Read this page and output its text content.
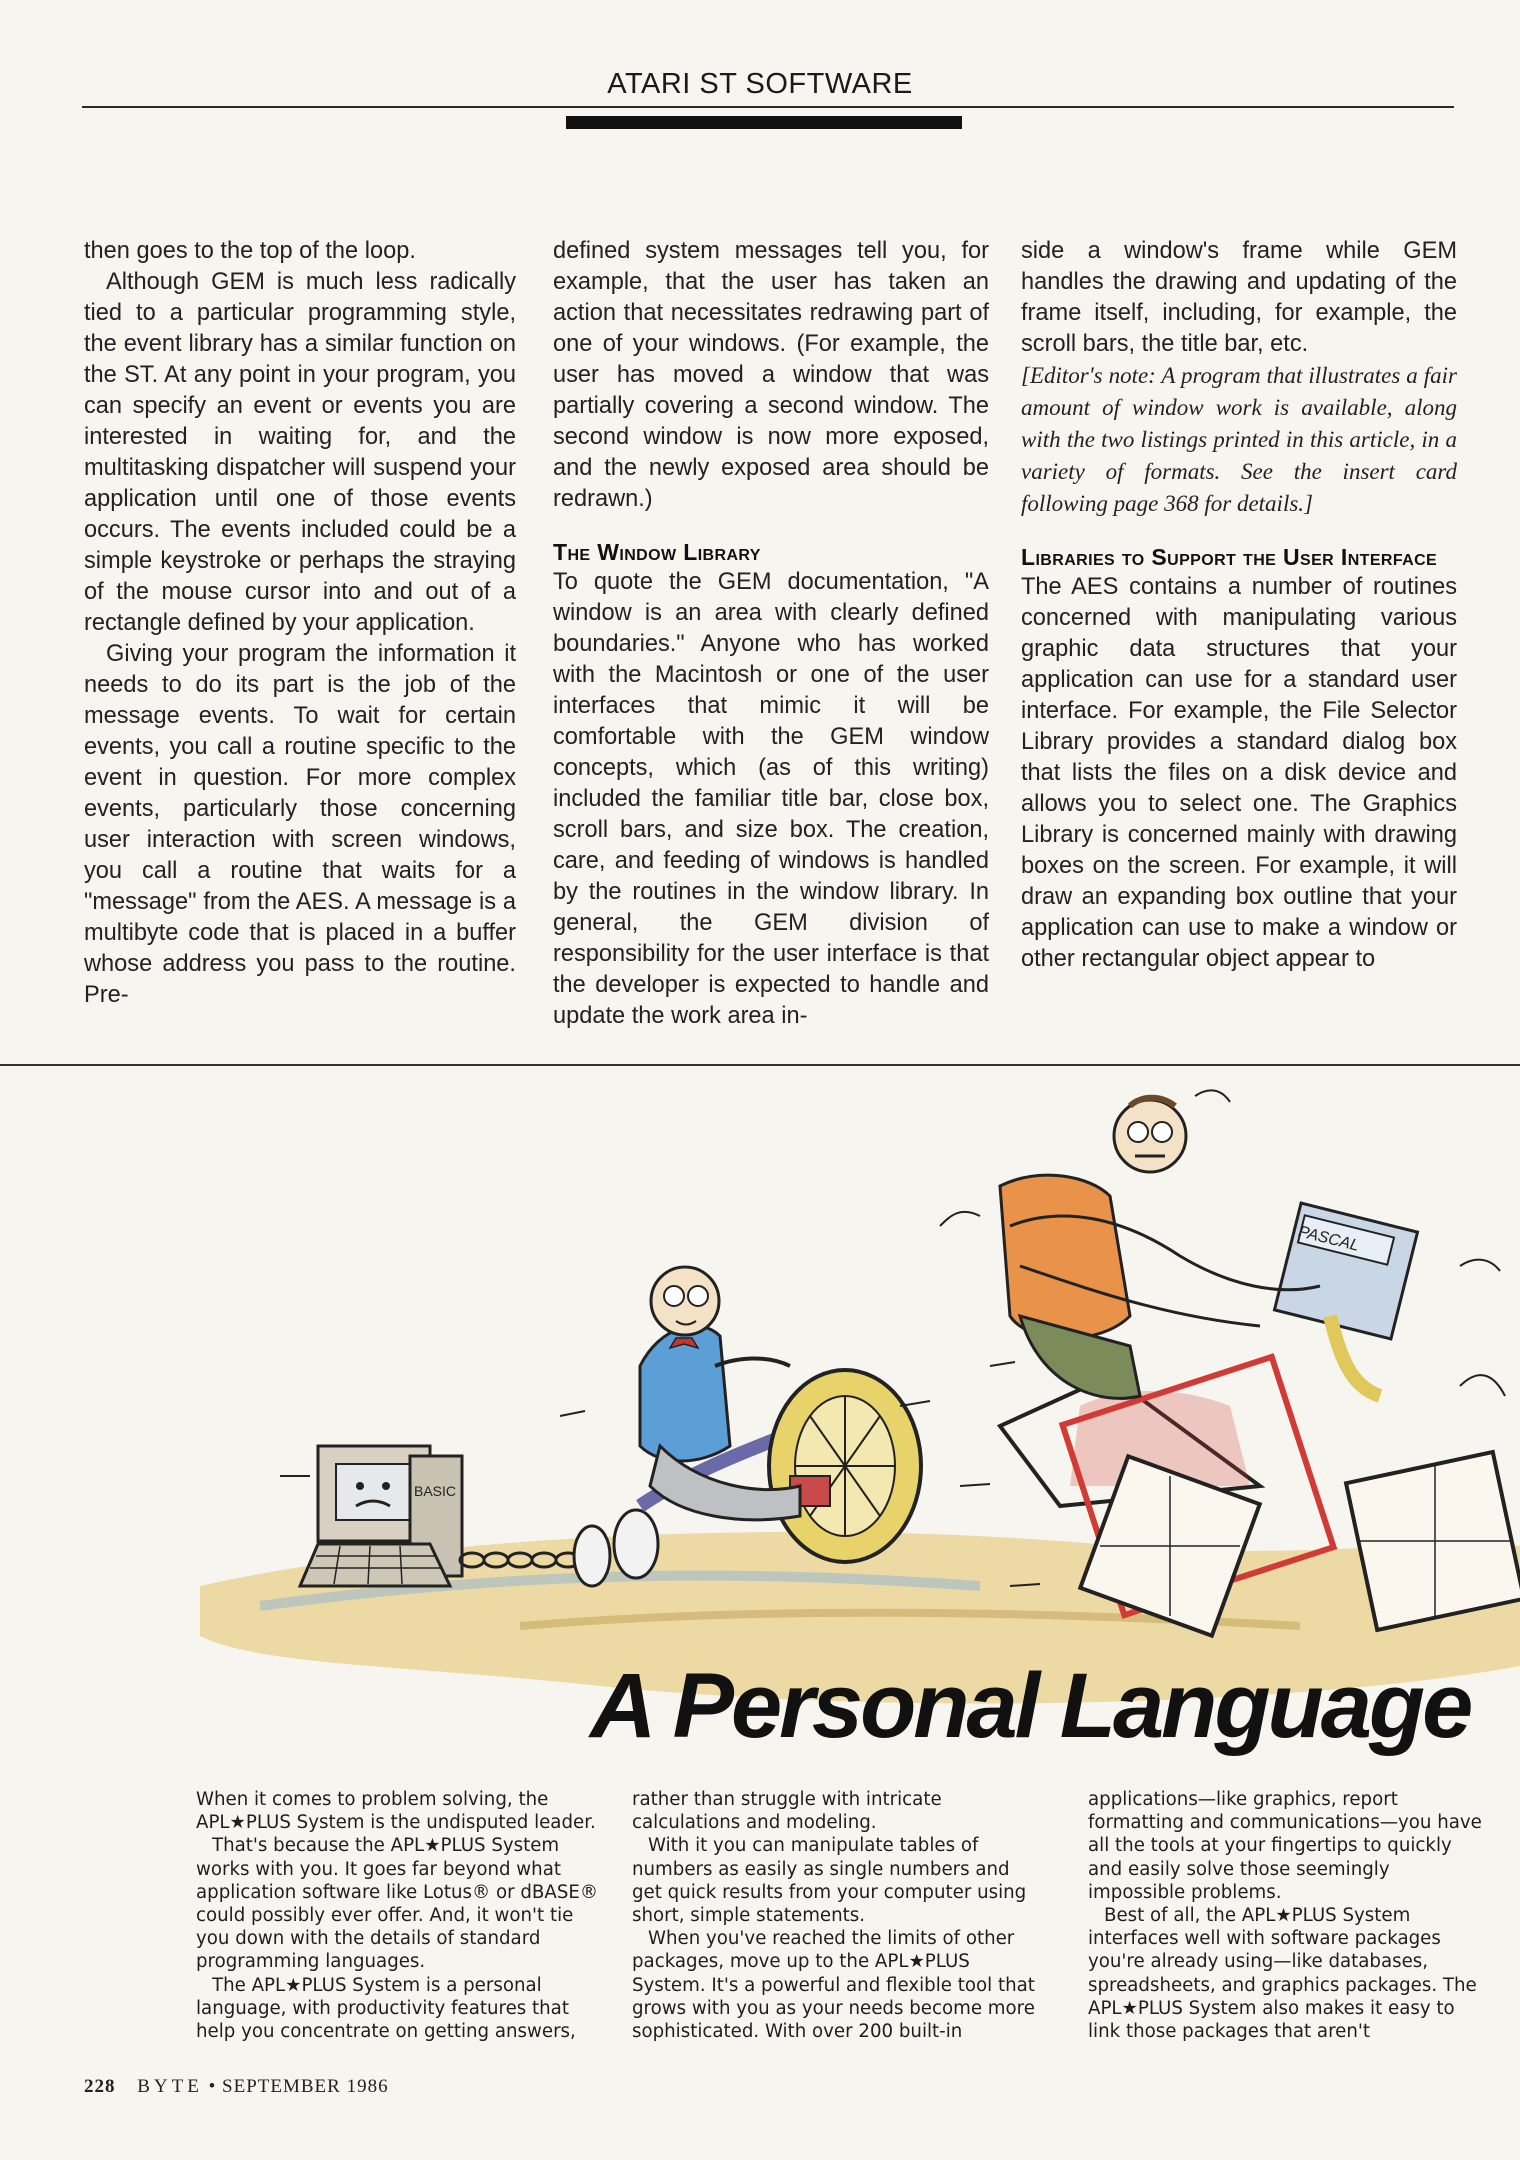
ATARI ST SOFTWARE

then goes to the top of the loop.

Although GEM is much less radically tied to a particular programming style, the event library has a similar function on the ST. At any point in your program, you can specify an event or events you are interested in waiting for, and the multitasking dispatcher will suspend your application until one of those events occurs. The events included could be a simple keystroke or perhaps the straying of the mouse cursor into and out of a rectangle defined by your application.

Giving your program the information it needs to do its part is the job of the message events. To wait for certain events, you call a routine specific to the event in question. For more complex events, particularly those concerning user interaction with screen windows, you call a routine that waits for a "message" from the AES. A message is a multibyte code that is placed in a buffer whose address you pass to the routine. Pre-

defined system messages tell you, for example, that the user has taken an action that necessitates redrawing part of one of your windows. (For example, the user has moved a window that was partially covering a second window. The second window is now more exposed, and the newly exposed area should be redrawn.)

The Window Library

To quote the GEM documentation, "A window is an area with clearly defined boundaries." Anyone who has worked with the Macintosh or one of the user interfaces that mimic it will be comfortable with the GEM window concepts, which (as of this writing) included the familiar title bar, close box, scroll bars, and size box. The creation, care, and feeding of windows is handled by the routines in the window library. In general, the GEM division of responsibility for the user interface is that the developer is expected to handle and update the work area in-

side a window's frame while GEM handles the drawing and updating of the frame itself, including, for example, the scroll bars, the title bar, etc.

[Editor's note: A program that illustrates a fair amount of window work is available, along with the two listings printed in this article, in a variety of formats. See the insert card following page 368 for details.]

Libraries to Support the User Interface

The AES contains a number of routines concerned with manipulating various graphic data structures that your application can use for a standard user interface. For example, the File Selector Library provides a standard dialog box that lists the files on a disk device and allows you to select one. The Graphics Library is concerned mainly with drawing boxes on the screen. For example, it will draw an expanding box outline that your application can use to make a window or other rectangular object appear to

BASIC
PASCAL
A Personal Language

When it comes to problem solving, the APL★PLUS System is the undisputed leader.

That's because the APL★PLUS System works with you. It goes far beyond what application software like Lotus® or dBASE® could possibly ever offer. And, it won't tie you down with the details of standard programming languages.

The APL★PLUS System is a personal language, with productivity features that help you concentrate on getting answers,

rather than struggle with intricate calculations and modeling.

With it you can manipulate tables of numbers as easily as single numbers and get quick results from your computer using short, simple statements.

When you've reached the limits of other packages, move up to the APL★PLUS System. It's a powerful and flexible tool that grows with you as your needs become more sophisticated. With over 200 built-in

applications—like graphics, report formatting and communications—you have all the tools at your fingertips to quickly and easily solve those seemingly impossible problems.

Best of all, the APL★PLUS System interfaces well with software packages you're already using—like databases, spreadsheets, and graphics packages. The APL★PLUS System also makes it easy to link those packages that aren't

228 BYTE • SEPTEMBER 1986
